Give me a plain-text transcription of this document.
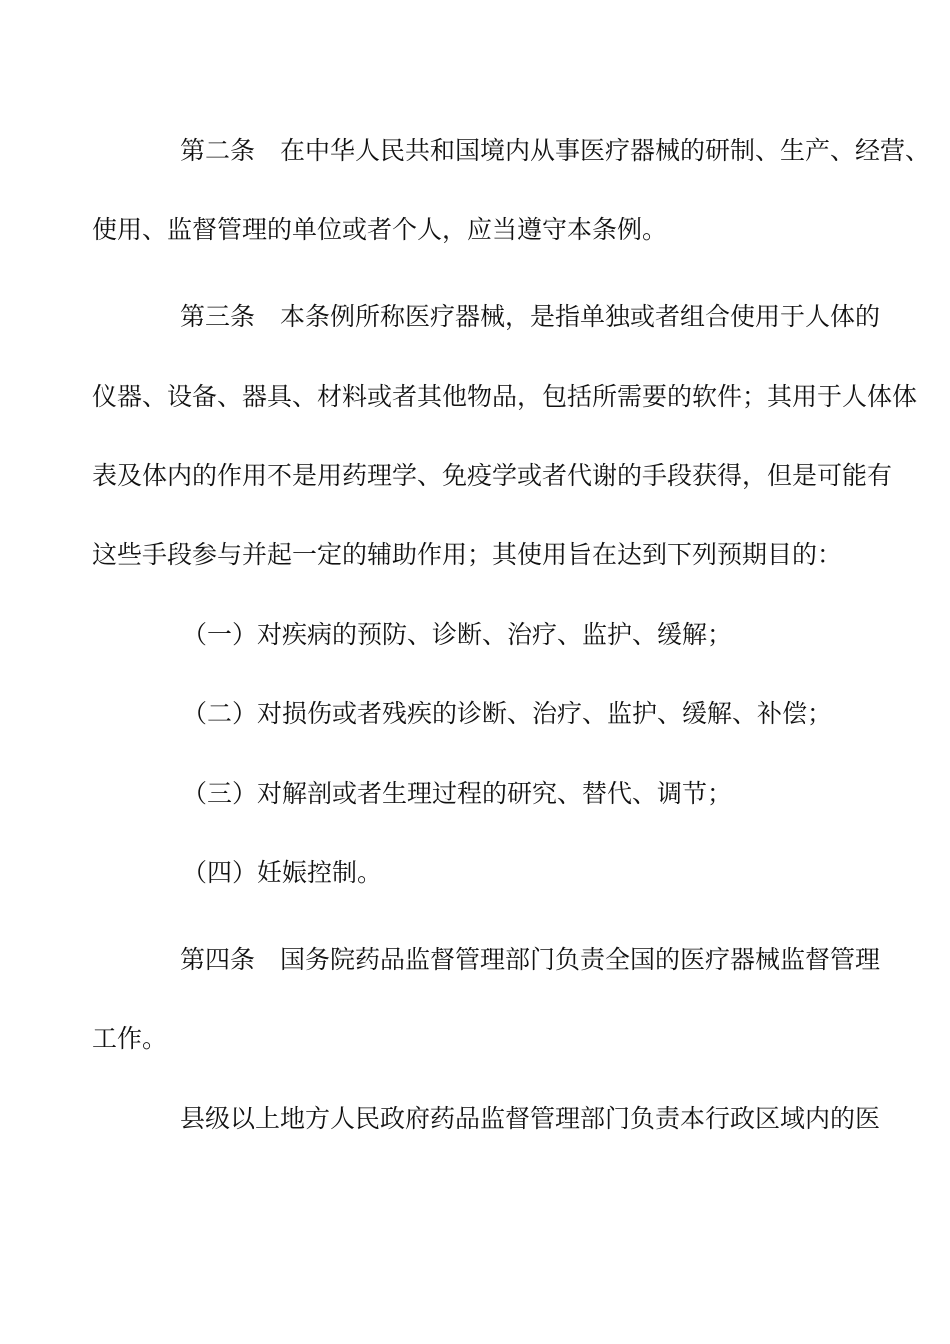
第二条　在中华人民共和国境内从事医疗器械的研制、生产、经营、
使用、监督管理的单位或者个人，应当遵守本条例。
第三条　本条例所称医疗器械，是指单独或者组合使用于人体的
仪器、设备、器具、材料或者其他物品，包括所需要的软件；其用于人体体
表及体内的作用不是用药理学、免疫学或者代谢的手段获得，但是可能有
这些手段参与并起一定的辅助作用；其使用旨在达到下列预期目的：
（一）对疾病的预防、诊断、治疗、监护、缓解；
（二）对损伤或者残疾的诊断、治疗、监护、缓解、补偿；
（三）对解剖或者生理过程的研究、替代、调节；
（四）妊娠控制。
第四条　国务院药品监督管理部门负责全国的医疗器械监督管理
工作。
县级以上地方人民政府药品监督管理部门负责本行政区域内的医
